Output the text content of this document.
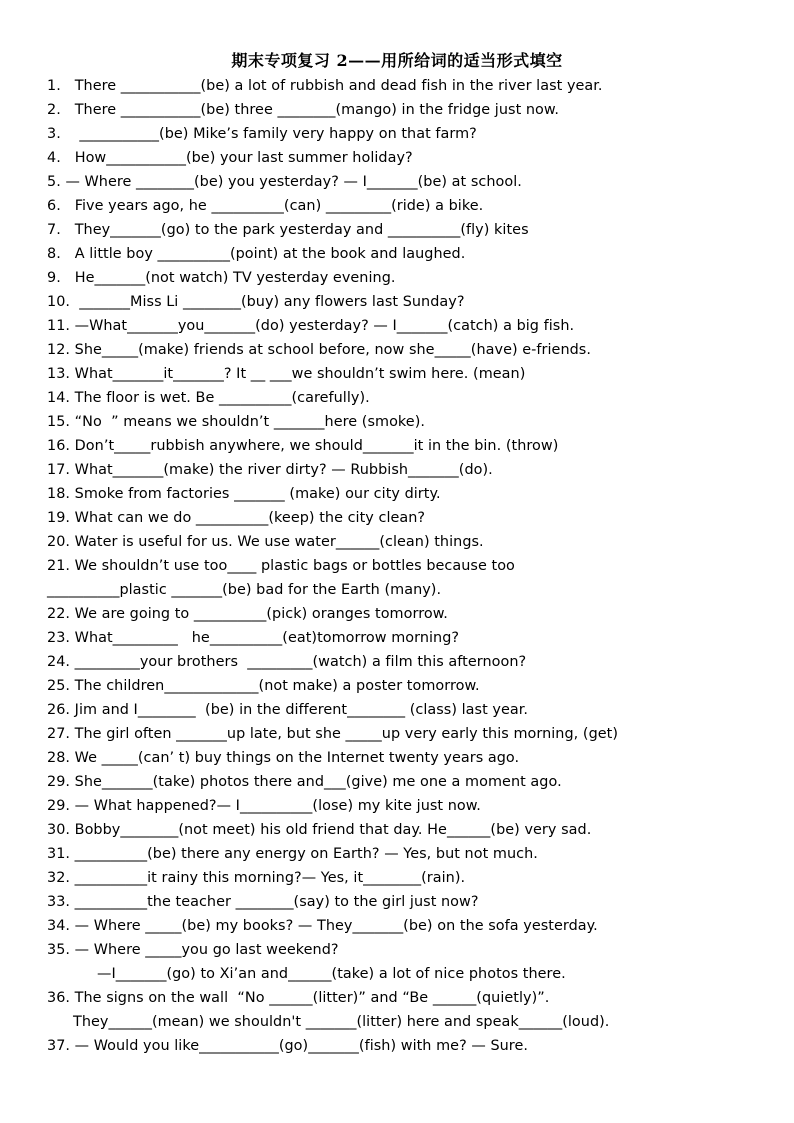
期末专项复习 2——用所给词的适当形式填空
1.   There ___________(be) a lot of rubbish and dead fish in the river last year.
2.   There ___________(be) three ________(mango) in the fridge just now.
3.    ___________(be) Mike’s family very happy on that farm?
4.   How___________(be) your last summer holiday?
5. — Where ________(be) you yesterday? — I_______(be) at school.
6.   Five years ago, he __________(can) _________(ride) a bike.
7.   They_______(go) to the park yesterday and __________(fly) kites
8.   A little boy __________(point) at the book and laughed.
9.   He_______(not watch) TV yesterday evening.
10.  _______Miss Li ________(buy) any flowers last Sunday?
11. —What_______you_______(do) yesterday? — I_______(catch) a big fish.
12. She_____(make) friends at school before, now she_____(have) e-friends.
13. What_______it_______? It __ ___we shouldn’t swim here. (mean)
14. The floor is wet. Be __________(carefully).
15. “No  ” means we shouldn’t _______here (smoke).
16. Don’t_____rubbish anywhere, we should_______it in the bin. (throw)
17. What_______(make) the river dirty? — Rubbish_______(do).
18. Smoke from factories _______ (make) our city dirty.
19. What can we do __________(keep) the city clean?
20. Water is useful for us. We use water______(clean) things.
21. We shouldn’t use too____ plastic bags or bottles because too
__________plastic _______(be) bad for the Earth (many).
22. We are going to __________(pick) oranges tomorrow.
23. What_________   he__________(eat)tomorrow morning?
24. _________your brothers  _________(watch) a film this afternoon?
25. The children_____________(not make) a poster tomorrow.
26. Jim and I________  (be) in the different________ (class) last year.
27. The girl often _______up late, but she _____up very early this morning, (get)
28. We _____(can’ t) buy things on the Internet twenty years ago.
29. She_______(take) photos there and___(give) me one a moment ago.
29. — What happened?— I__________(lose) my kite just now.
30. Bobby________(not meet) his old friend that day. He______(be) very sad.
31. __________(be) there any energy on Earth? — Yes, but not much.
32. __________it rainy this morning?— Yes, it________(rain).
33. __________the teacher ________(say) to the girl just now?
34. — Where _____(be) my books? — They_______(be) on the sofa yesterday.
35. — Where _____you go last weekend?
—I_______(go) to Xi’an and______(take) a lot of nice photos there.
36. The signs on the wall  “No ______(litter)” and “Be ______(quietly)”.
They______(mean) we shouldn't _______(litter) here and speak______(loud).
37. — Would you like___________(go)_______(fish) with me? — Sure.
